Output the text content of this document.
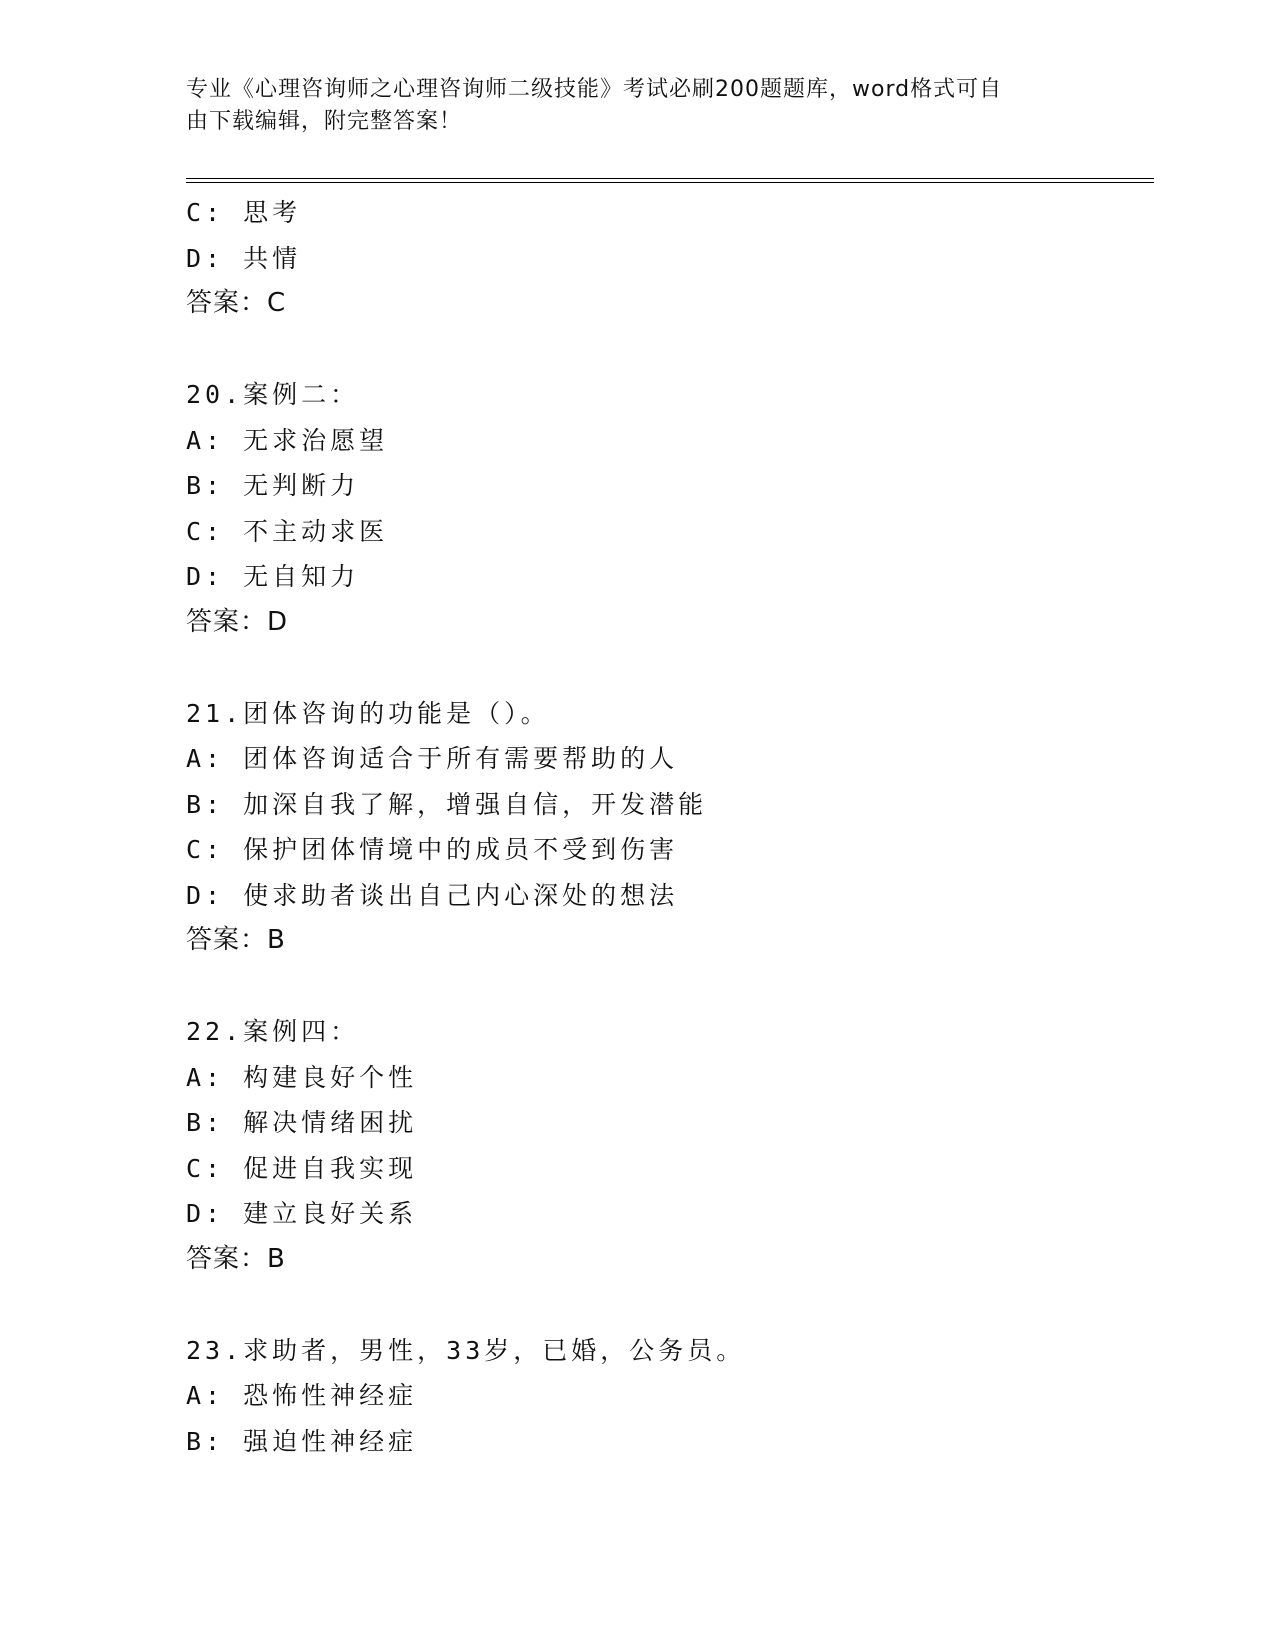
专业《心理咨询师之心理咨询师二级技能》考试必刷200题题库，word格式可自
由下载编辑，附完整答案！
C: 思考
D: 共情
答案：C
20.案例二：
A: 无求治愿望
B: 无判断力
C: 不主动求医
D: 无自知力
答案：D
21.团体咨询的功能是（）。
A: 团体咨询适合于所有需要帮助的人
B: 加深自我了解，增强自信，开发潜能
C: 保护团体情境中的成员不受到伤害
D: 使求助者谈出自己内心深处的想法
答案：B
22.案例四：
A: 构建良好个性
B: 解决情绪困扰
C: 促进自我实现
D: 建立良好关系
答案：B
23.求助者，男性，33岁，已婚，公务员。
A: 恐怖性神经症
B: 强迫性神经症
